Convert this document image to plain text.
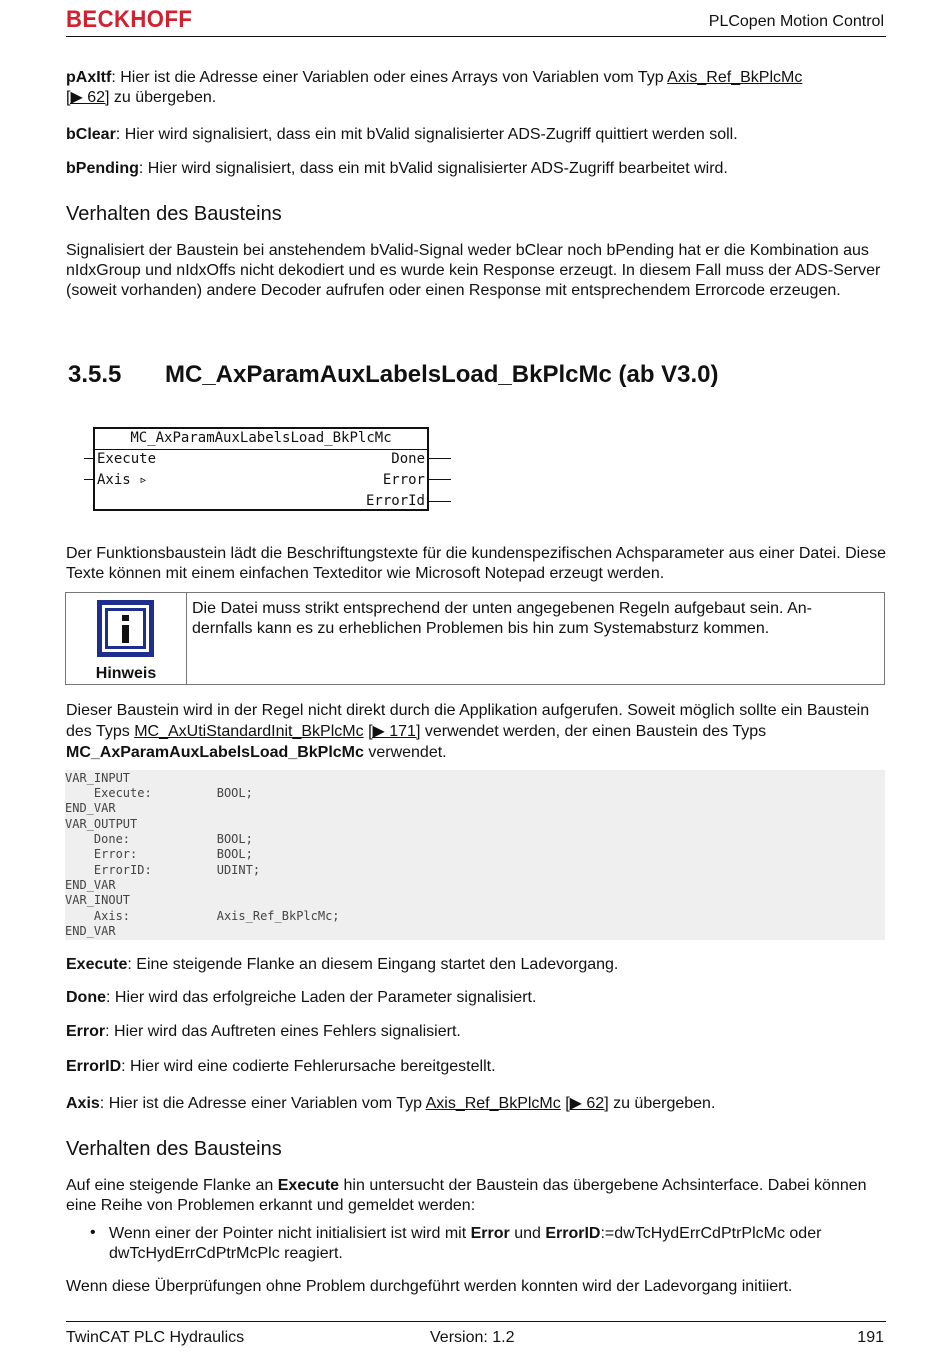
BECKHOFF	PLCopen Motion Control

pAxItf: Hier ist die Adresse einer Variablen oder eines Arrays von Variablen vom Typ Axis_Ref_BkPlcMc
[▶ 62] zu übergeben.

bClear: Hier wird signalisiert, dass ein mit bValid signalisierter ADS-Zugriff quittiert werden soll.

bPending: Hier wird signalisiert, dass ein mit bValid signalisierter ADS-Zugriff bearbeitet wird.

Verhalten des Bausteins

Signalisiert der Baustein bei anstehendem bValid-Signal weder bClear noch bPending hat er die Kombination aus nIdxGroup und nIdxOffs nicht dekodiert und es wurde kein Response erzeugt. In diesem Fall muss der ADS-Server (soweit vorhanden) andere Decoder aufrufen oder einen Response mit entsprechendem Errorcode erzeugen.

3.5.5 MC_AxParamAuxLabelsLoad_BkPlcMc (ab V3.0)
MC_AxParamAuxLabelsLoad_BkPlcMc
Execute
Axis ▹
Done
Error
ErrorId

Der Funktionsbaustein lädt die Beschriftungstexte für die kundenspezifischen Achsparameter aus einer Datei. Diese Texte können mit einem einfachen Texteditor wie Microsoft Notepad erzeugt werden.

Hinweis
Die Datei muss strikt entsprechend der unten angegebenen Regeln aufgebaut sein. An-dernfalls kann es zu erheblichen Problemen bis hin zum Systemabsturz kommen.

Dieser Baustein wird in der Regel nicht direkt durch die Applikation aufgerufen. Soweit möglich sollte ein Baustein des Typs MC_AxUtiStandardInit_BkPlcMc [▶ 171] verwendet werden, der einen Baustein des Typs MC_AxParamAuxLabelsLoad_BkPlcMc verwendet.

VAR_INPUT
Execute:         BOOL;
END_VAR
VAR_OUTPUT
Done:            BOOL;
Error:           BOOL;
ErrorID:         UDINT;
END_VAR
VAR_INOUT
Axis:            Axis_Ref_BkPlcMc;
END_VAR

Execute: Eine steigende Flanke an diesem Eingang startet den Ladevorgang.

Done: Hier wird das erfolgreiche Laden der Parameter signalisiert.

Error: Hier wird das Auftreten eines Fehlers signalisiert.

ErrorID: Hier wird eine codierte Fehlerursache bereitgestellt.

Axis: Hier ist die Adresse einer Variablen vom Typ Axis_Ref_BkPlcMc [▶ 62] zu übergeben.

Verhalten des Bausteins

Auf eine steigende Flanke an Execute hin untersucht der Baustein das übergebene Achsinterface. Dabei können eine Reihe von Problemen erkannt und gemeldet werden:

• Wenn einer der Pointer nicht initialisiert ist wird mit Error und ErrorID:=dwTcHydErrCdPtrPlcMc oder dwTcHydErrCdPtrMcPlc reagiert.

Wenn diese Überprüfungen ohne Problem durchgeführt werden konnten wird der Ladevorgang initiiert.

TwinCAT PLC Hydraulics	Version: 1.2	191
